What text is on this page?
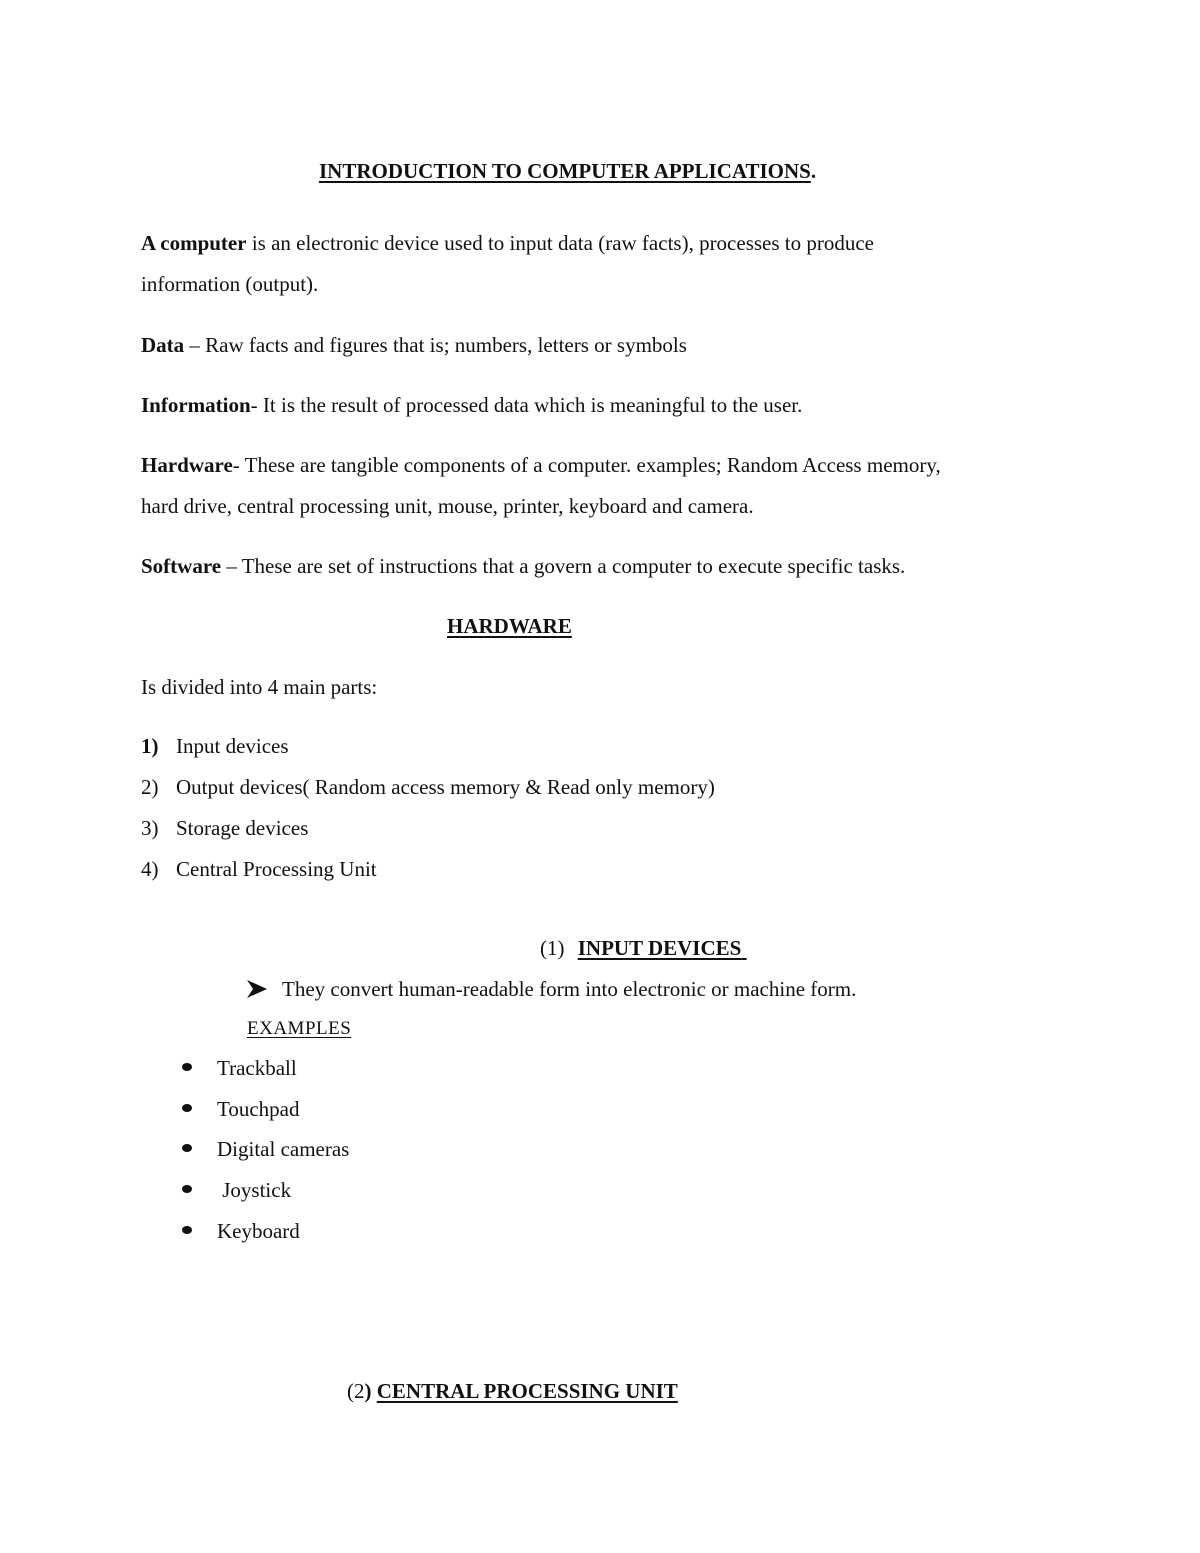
INTRODUCTION TO COMPUTER APPLICATIONS.
A computer is an electronic device used to input data (raw facts), processes to produce
information (output).
Data – Raw facts and figures that is; numbers, letters or symbols
Information- It is the result of processed data which is meaningful to the user.
Hardware- These are tangible components of a computer. examples; Random Access memory,
hard drive, central processing unit, mouse, printer, keyboard and camera.
Software – These are set of instructions that a govern a computer to execute specific tasks.
HARDWARE
Is divided into 4 main parts:
1) Input devices
2) Output devices( Random access memory & Read only memory)
3) Storage devices
4) Central Processing Unit
(1) INPUT DEVICES
They convert human-readable form into electronic or machine form.
EXAMPLES
Trackball
Touchpad
Digital cameras
Joystick
Keyboard
(2) CENTRAL PROCESSING UNIT
